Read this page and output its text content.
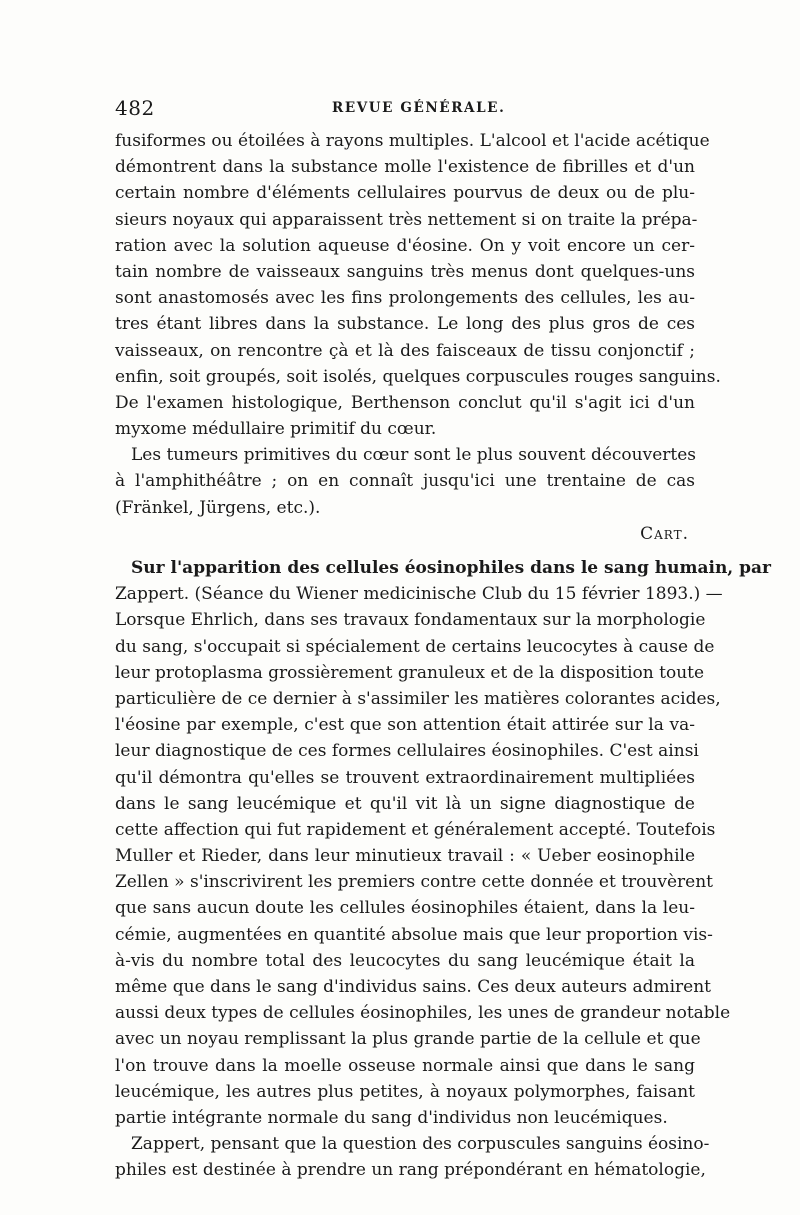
482	REVUE GÉNÉRALE.
fusiformes ou étoilées à rayons multiples. L'alcool et l'acide acétique
démontrent dans la substance molle l'existence de fibrilles et d'un
certain nombre d'éléments cellulaires pourvus de deux ou de plu-
sieurs noyaux qui apparaissent très nettement si on traite la prépa-
ration avec la solution aqueuse d'éosine. On y voit encore un cer-
tain nombre de vaisseaux sanguins très menus dont quelques-uns
sont anastomosés avec les fins prolongements des cellules, les au-
tres étant libres dans la substance. Le long des plus gros de ces
vaisseaux, on rencontre çà et là des faisceaux de tissu conjonctif ;
enfin, soit groupés, soit isolés, quelques corpuscules rouges sanguins.
De l'examen histologique, Berthenson conclut qu'il s'agit ici d'un
myxome médullaire primitif du cœur.
Les tumeurs primitives du cœur sont le plus souvent découvertes
à l'amphithéâtre ; on en connaît jusqu'ici une trentaine de cas
(Fränkel, Jürgens, etc.).
Cart.
Sur l'apparition des cellules éosinophiles dans le sang humain, par
Zappert. (Séance du Wiener medicinische Club du 15 février 1893.) —
Lorsque Ehrlich, dans ses travaux fondamentaux sur la morphologie
du sang, s'occupait si spécialement de certains leucocytes à cause de
leur protoplasma grossièrement granuleux et de la disposition toute
particulière de ce dernier à s'assimiler les matières colorantes acides,
l'éosine par exemple, c'est que son attention était attirée sur la va-
leur diagnostique de ces formes cellulaires éosinophiles. C'est ainsi
qu'il démontra qu'elles se trouvent extraordinairement multipliées
dans le sang leucémique et qu'il vit là un signe diagnostique de
cette affection qui fut rapidement et généralement accepté. Toutefois
Muller et Rieder, dans leur minutieux travail : « Ueber eosinophile
Zellen » s'inscrivirent les premiers contre cette donnée et trouvèrent
que sans aucun doute les cellules éosinophiles étaient, dans la leu-
cémie, augmentées en quantité absolue mais que leur proportion vis-
à-vis du nombre total des leucocytes du sang leucémique était la
même que dans le sang d'individus sains. Ces deux auteurs admirent
aussi deux types de cellules éosinophiles, les unes de grandeur notable
avec un noyau remplissant la plus grande partie de la cellule et que
l'on trouve dans la moelle osseuse normale ainsi que dans le sang
leucémique, les autres plus petites, à noyaux polymorphes, faisant
partie intégrante normale du sang d'individus non leucémiques.
Zappert, pensant que la question des corpuscules sanguins éosino-
philes est destinée à prendre un rang prépondérant en hématologie,
